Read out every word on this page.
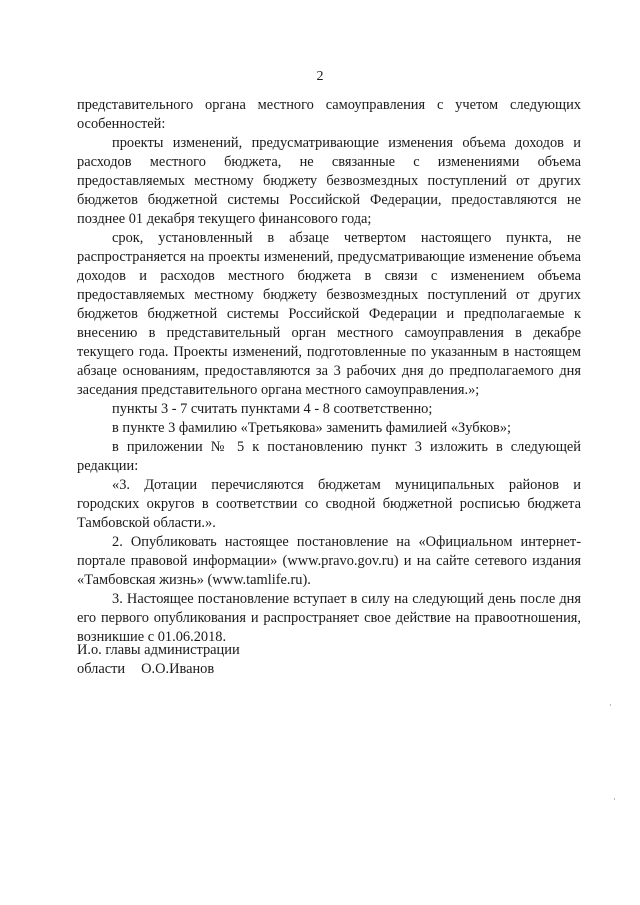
2

представительного органа местного самоуправления с учетом следующих особенностей:

проекты изменений, предусматривающие изменения объема доходов и расходов местного бюджета, не связанные с изменениями объема предоставляемых местному бюджету безвозмездных поступлений от других бюджетов бюджетной системы Российской Федерации, предоставляются не позднее 01 декабря текущего финансового года;

срок, установленный в абзаце четвертом настоящего пункта, не распространяется на проекты изменений, предусматривающие изменение объема доходов и расходов местного бюджета в связи с изменением объема предоставляемых местному бюджету безвозмездных поступлений от других бюджетов бюджетной системы Российской Федерации и предполагаемые к внесению в представительный орган местного самоуправления в декабре текущего года. Проекты изменений, подготовленные по указанным в настоящем абзаце основаниям, предоставляются за 3 рабочих дня до предполагаемого дня заседания представительного органа местного самоуправления.»;

пункты 3 - 7 считать пунктами 4 - 8 соответственно;

в пункте 3 фамилию «Третьякова» заменить фамилией «Зубков»;

в приложении № 5 к постановлению пункт 3 изложить в следующей редакции:

«3. Дотации перечисляются бюджетам муниципальных районов и городских округов в соответствии со сводной бюджетной росписью бюджета Тамбовской области.».

2. Опубликовать настоящее постановление на «Официальном интернет-портале правовой информации» (www.pravo.gov.ru) и на сайте сетевого издания «Тамбовская жизнь» (www.tamlife.ru).

3. Настоящее постановление вступает в силу на следующий день после дня его первого опубликования и распространяет свое действие на правоотношения, возникшие с 01.06.2018.

И.о. главы администрации
области О.О.Иванов
